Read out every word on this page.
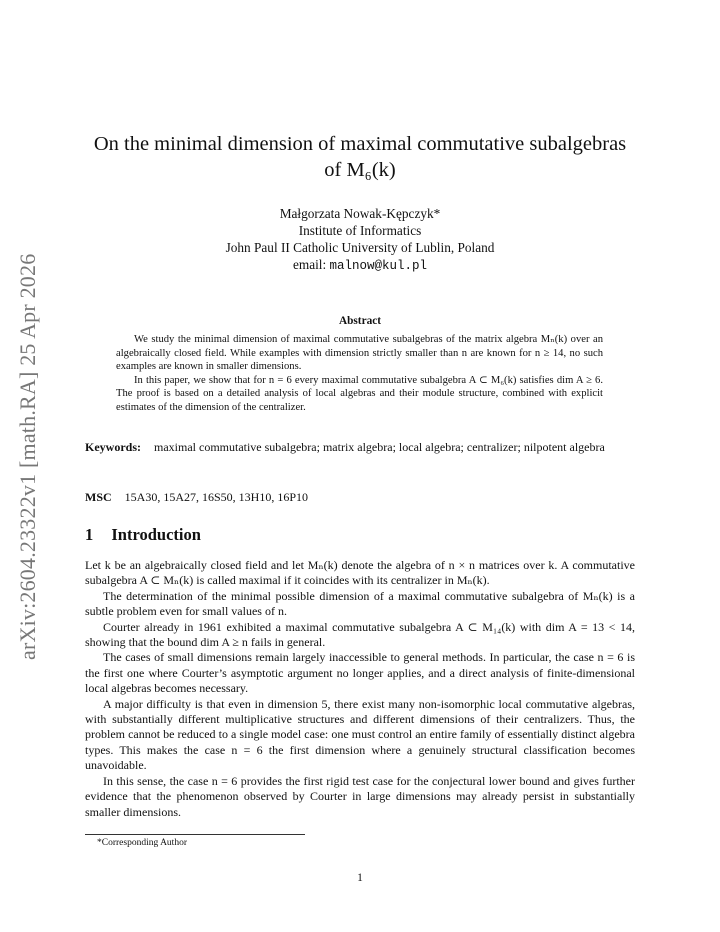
arXiv:2604.23322v1 [math.RA] 25 Apr 2026
On the minimal dimension of maximal commutative subalgebras
of M₆(k)
Małgorzata Nowak-Kępczyk*
Institute of Informatics
John Paul II Catholic University of Lublin, Poland
email: malnow@kul.pl
Abstract

We study the minimal dimension of maximal commutative subalgebras of the matrix algebra Mₙ(k) over an algebraically closed field. While examples with dimension strictly smaller than n are known for n ≥ 14, no such examples are known in smaller dimensions.

In this paper, we show that for n = 6 every maximal commutative subalgebra A ⊂ M₆(k) satisfies dim A ≥ 6. The proof is based on a detailed analysis of local algebras and their module structure, combined with explicit estimates of the dimension of the centralizer.

Keywords: maximal commutative subalgebra; matrix algebra; local algebra; centralizer; nilpotent algebra
MSC 15A30, 15A27, 16S50, 13H10, 16P10
1 Introduction

Let k be an algebraically closed field and let Mₙ(k) denote the algebra of n × n matrices over k. A commutative subalgebra A ⊂ Mₙ(k) is called maximal if it coincides with its centralizer in Mₙ(k).

The determination of the minimal possible dimension of a maximal commutative subalgebra of Mₙ(k) is a subtle problem even for small values of n.

Courter already in 1961 exhibited a maximal commutative subalgebra A ⊂ M₁₄(k) with dim A = 13 < 14, showing that the bound dim A ≥ n fails in general.

The cases of small dimensions remain largely inaccessible to general methods. In particular, the case n = 6 is the first one where Courter’s asymptotic argument no longer applies, and a direct analysis of finite-dimensional local algebras becomes necessary.

A major difficulty is that even in dimension 5, there exist many non-isomorphic local commutative algebras, with substantially different multiplicative structures and different dimensions of their centralizers. Thus, the problem cannot be reduced to a single model case: one must control an entire family of essentially distinct algebra types. This makes the case n = 6 the first dimension where a genuinely structural classification becomes unavoidable.

In this sense, the case n = 6 provides the first rigid test case for the conjectural lower bound and gives further evidence that the phenomenon observed by Courter in large dimensions may already persist in substantially smaller dimensions.

*Corresponding Author
1
